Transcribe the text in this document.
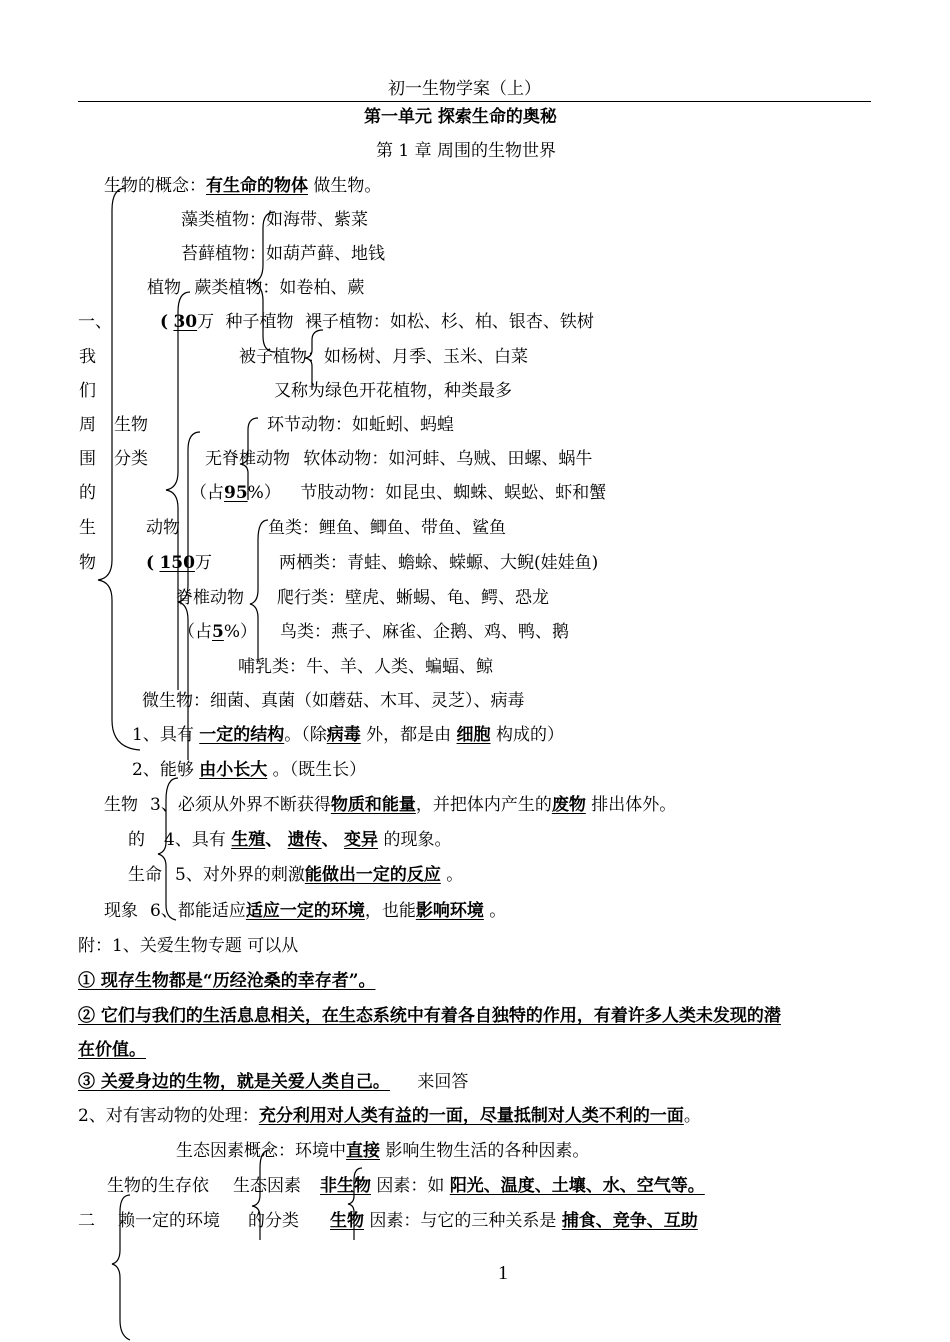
初一生物学案（上）
第一单元 探索生命的奥秘
第 1 章 周围的生物世界
生物的概念：有生命的物体 做生物。
藻类植物：如海带、紫菜
苔藓植物：如葫芦藓、地钱
植物 蕨类植物：如卷柏、蕨
一、	( 30万 种子植物 裸子植物：如松、杉、柏、银杏、铁树
被子植物：如杨树、月季、玉米、白菜
又称为绿色开花植物，种类最多
我
们
周
围
的
生
物
生物
分类
环节动物：如蚯蚓、蚂蝗
无脊椎动物 软体动物：如河蚌、乌贼、田螺、蜗牛
（占95%） 节肢动物：如昆虫、蜘蛛、蜈蚣、虾和蟹
动物	鱼类：鲤鱼、鲫鱼、带鱼、鲨鱼
( 150万	两栖类：青蛙、蟾蜍、蝾螈、大鲵(娃娃鱼)
脊椎动物 爬行类：壁虎、蜥蜴、龟、鳄、恐龙
（占5%） 鸟类：燕子、麻雀、企鹅、鸡、鸭、鹅
哺乳类：牛、羊、人类、蝙蝠、鲸
微生物：细菌、真菌（如蘑菇、木耳、灵芝）、病毒
1、具有 一定的结构。（除病毒 外，都是由 细胞 构成的）
2、能够 由小长大 。（既生长）
生物 3、必须从外界不断获得物质和能量，并把体内产生的废物 排出体外。
的 4、具有 生殖、 遗传、 变异 的现象。
生命 5、对外界的刺激能做出一定的反应 。
现象 6、都能适应适应一定的环境，也能影响环境 。
附：1、关爱生物专题 可以从
① 现存生物都是“历经沧桑的幸存者”。
② 它们与我们的生活息息相关，在生态系统中有着各自独特的作用，有着许多人类未发现的潜
在价值。
③ 关爱身边的生物，就是关爱人类自己。 来回答
2、对有害动物的处理：充分利用对人类有益的一面，尽量抵制对人类不利的一面。
生态因素概念：环境中直接 影响生物生活的各种因素。
生物的生存依 生态因素 非生物 因素：如 阳光、温度、土壤、水、空气等。
二 赖一定的环境 的分类 生物 因素：与它的三种关系是 捕食、竞争、互助
1
